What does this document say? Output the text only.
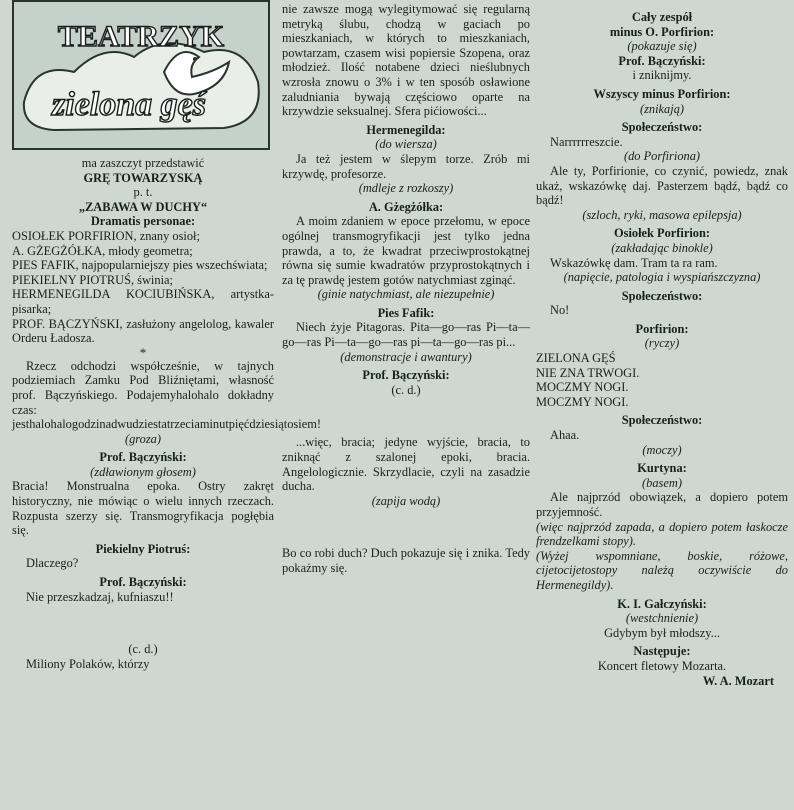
TEATRZYK
zielona gęś

ma zaszczyt przedstawić

GRĘ TOWARZYSKĄ

p. t.

„ZABAWA W DUCHY“

Dramatis personae:

OSIOŁEK PORFIRION, znany osioł;

A. GŻEGŻÓŁKA, młody geometra;

PIES FAFIK, najpopularniejszy pies wszechświata;

PIEKIELNY PIOTRUŚ, świnia;

HERMENEGILDA KOCIUBIŃSKA, artystka-pisarka;

PROF. BĄCZYŃSKI, zasłużony angelolog, kawaler Orderu Ładosza.

*

Rzecz odchodzi współcześnie, w tajnych podziemiach Zamku Pod Bliźniętami, własność prof. Bączyńskiego. Podajemyhalohalo dokładny czas: jesthalohalogodzinadwudziestatrzeciaminutpięćdziesiątosiem!

(groza)

Prof. Bączyński:

(zdławionym głosem)

Bracia! Monstrualna epoka. Ostry zakręt historyczny, nie mówiąc o wielu innych rzeczach. Rozpusta szerzy się. Transmogryfikacja pogłębia się.

Piekielny Piotruś:

Dlaczego?

Prof. Bączyński:

Nie przeszkadzaj, kufniaszu!!

(c. d.)

Miliony Polaków, którzy

nie zawsze mogą wylegitymować się regularną metryką ślubu, chodzą w gaciach po mieszkaniach, w których to mieszkaniach, powtarzam, czasem wisi popiersie Szopena, oraz młodzież. Ilość notabene dzieci nieślubnych wzrosła znowu o 3% i w ten sposób osławione zaludniania bywają częściowo oparte na krzywdzie seksualnej. Sfera pićiowości...

Hermenegilda:

(do wiersza)

Ja też jestem w ślepym torze. Zrób mi krzywdę, profesorze.

(mdleje z rozkoszy)

A. Gżegżółka:

A moim zdaniem w epoce przełomu, w epoce ogólnej transmogryfikacji jest tylko jedna prawda, a to, że kwadrat przeciwprostokątnej równa się sumie kwadratów przyprostokątnych i za tę prawdę jestem gotów natychmiast zginąć.

(ginie natychmiast, ale niezupełnie)

Pies Fafik:

Niech żyje Pitagoras. Pita—go—ras Pi—ta—go—ras Pi—ta—go—ras pi—ta—go—ras pi...

(demonstracje i awantury)

Prof. Bączyński:

(c. d.)

...więc, bracia; jedyne wyjście, bracia, to zniknąć z szalonej epoki, bracia. Angelologicznie. Skrzydlacie, czyli na zasadzie ducha.

(zapija wodą)

Bo co robi duch? Duch pokazuje się i znika. Tedy pokażmy się.

Cały zespół

minus O. Porfirion:

(pokazuje się)

Prof. Bączyński:

i zniknijmy.

Wszyscy minus Porfirion:

(znikają)

Społeczeństwo:

Narrrrrreszcie.

(do Porfiriona)

Ale ty, Porfirionie, co czynić, powiedz, znak ukaż, wskazówkę daj. Pasterzem bądź, bądź co bądź!

(szloch, ryki, masowa epilepsja)

Osiołek Porfirion:

(zakładając binokle)

Wskazówkę dam. Tram ta ra ram.

(napięcie, patologia i wyspiańszczyzna)

Społeczeństwo:

No!

Porfirion:

(ryczy)

ZIELONA GĘŚ

NIE ZNA TRWOGI.

MOCZMY NOGI.

MOCZMY NOGI.

Społeczeństwo:

Ahaa.

(moczy)

Kurtyna:

(basem)

Ale najprzód obowiązek, a dopiero potem przyjemność.

(więc najprzód zapada, a dopiero potem łaskocze frendzelkami stopy).

(Wyżej wspomniane, boskie, różowe, cijetocijetostopy należą oczywiście do Hermenegildy).

K. I. Gałczyński:

(westchnienie)

Gdybym był młodszy...

Następuje:

Koncert fletowy Mozarta.

W. A. Mozart
